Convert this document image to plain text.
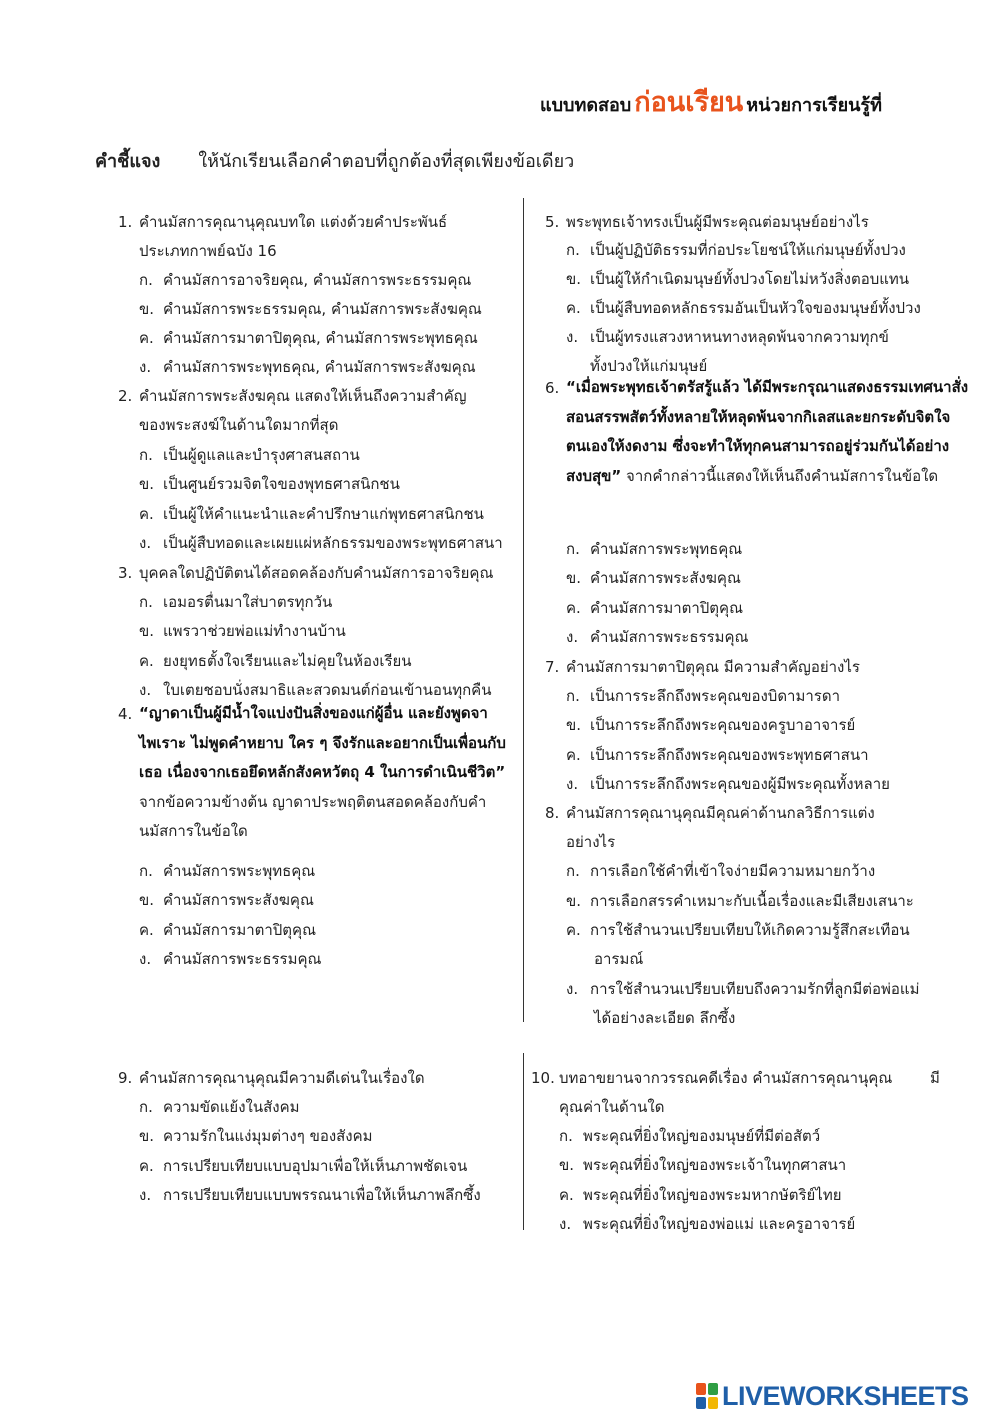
แบบทดสอบ ก่อนเรียน หน่วยการเรียนรู้ที่
คำชี้แจง ให้นักเรียนเลือกคำตอบที่ถูกต้องที่สุดเพียงข้อเดียว
1. คำนมัสการคุณานุคุณบทใด แต่งด้วยคำประพันธ์
ประเภทกาพย์ฉบัง 16
ก. คำนมัสการอาจริยคุณ, คำนมัสการพระธรรมคุณ
ข. คำนมัสการพระธรรมคุณ, คำนมัสการพระสังฆคุณ
ค. คำนมัสการมาตาปิตุคุณ, คำนมัสการพระพุทธคุณ
ง. คำนมัสการพระพุทธคุณ, คำนมัสการพระสังฆคุณ
2. คำนมัสการพระสังฆคุณ แสดงให้เห็นถึงความสำคัญ
ของพระสงฆ์ในด้านใดมากที่สุด
ก. เป็นผู้ดูแลและบำรุงศาสนสถาน
ข. เป็นศูนย์รวมจิตใจของพุทธศาสนิกชน
ค. เป็นผู้ให้คำแนะนำและคำปรึกษาแก่พุทธศาสนิกชน
ง. เป็นผู้สืบทอดและเผยแผ่หลักธรรมของพระพุทธศาสนา
3. บุคคลใดปฏิบัติตนได้สอดคล้องกับคำนมัสการอาจริยคุณ
ก. เอมอรตื่นมาใส่บาตรทุกวัน
ข. แพรวาช่วยพ่อแม่ทำงานบ้าน
ค. ยงยุทธตั้งใจเรียนและไม่คุยในห้องเรียน
ง. ใบเตยชอบนั่งสมาธิและสวดมนต์ก่อนเข้านอนทุกคืน
4. “ญาดาเป็นผู้มีน้ำใจแบ่งปันสิ่งของแก่ผู้อื่น และยังพูดจาไพเราะ ไม่พูดคำหยาบ ใคร ๆ จึงรักและอยากเป็นเพื่อนกับเธอ เนื่องจากเธอยึดหลักสังคหวัตถุ 4 ในการดำเนินชีวิต” จากข้อความข้างต้น ญาดาประพฤติตนสอดคล้องกับคำนมัสการในข้อใด
ก. คำนมัสการพระพุทธคุณ
ข. คำนมัสการพระสังฆคุณ
ค. คำนมัสการมาตาปิตุคุณ
ง. คำนมัสการพระธรรมคุณ
5. พระพุทธเจ้าทรงเป็นผู้มีพระคุณต่อมนุษย์อย่างไร
ก. เป็นผู้ปฏิบัติธรรมที่ก่อประโยชน์ให้แก่มนุษย์ทั้งปวง
ข. เป็นผู้ให้กำเนิดมนุษย์ทั้งปวงโดยไม่หวังสิ่งตอบแทน
ค. เป็นผู้สืบทอดหลักธรรมอันเป็นหัวใจของมนุษย์ทั้งปวง
ง. เป็นผู้ทรงแสวงหาหนทางหลุดพ้นจากความทุกข์
ทั้งปวงให้แก่มนุษย์
6. “เมื่อพระพุทธเจ้าตรัสรู้แล้ว ได้มีพระกรุณาแสดงธรรมเทศนาสั่งสอนสรรพสัตว์ทั้งหลายให้หลุดพ้นจากกิเลสและยกระดับจิตใจตนเองให้งดงาม ซึ่งจะทำให้ทุกคนสามารถอยู่ร่วมกันได้อย่างสงบสุข” จากคำกล่าวนี้แสดงให้เห็นถึงคำนมัสการในข้อใด
ก. คำนมัสการพระพุทธคุณ
ข. คำนมัสการพระสังฆคุณ
ค. คำนมัสการมาตาปิตุคุณ
ง. คำนมัสการพระธรรมคุณ
7. คำนมัสการมาตาปิตุคุณ มีความสำคัญอย่างไร
ก. เป็นการระลึกถึงพระคุณของบิดามารดา
ข. เป็นการระลึกถึงพระคุณของครูบาอาจารย์
ค. เป็นการระลึกถึงพระคุณของพระพุทธศาสนา
ง. เป็นการระลึกถึงพระคุณของผู้มีพระคุณทั้งหลาย
8. คำนมัสการคุณานุคุณมีคุณค่าด้านกลวิธีการแต่ง
อย่างไร
ก. การเลือกใช้คำที่เข้าใจง่ายมีความหมายกว้าง
ข. การเลือกสรรคำเหมาะกับเนื้อเรื่องและมีเสียงเสนาะ
ค. การใช้สำนวนเปรียบเทียบให้เกิดความรู้สึกสะเทือน
อารมณ์
ง. การใช้สำนวนเปรียบเทียบถึงความรักที่ลูกมีต่อพ่อแม่
ได้อย่างละเอียด ลึกซึ้ง
9. คำนมัสการคุณานุคุณมีความดีเด่นในเรื่องใด
ก. ความขัดแย้งในสังคม
ข. ความรักในแง่มุมต่างๆ ของสังคม
ค. การเปรียบเทียบแบบอุปมาเพื่อให้เห็นภาพชัดเจน
ง. การเปรียบเทียบแบบพรรณนาเพื่อให้เห็นภาพลึกซึ้ง
10. บทอาขยานจากวรรณคดีเรื่อง คำนมัสการคุณานุคุณ
คุณค่าในด้านใด
มี
ก. พระคุณที่ยิ่งใหญ่ของมนุษย์ที่มีต่อสัตว์
ข. พระคุณที่ยิ่งใหญ่ของพระเจ้าในทุกศาสนา
ค. พระคุณที่ยิ่งใหญ่ของพระมหากษัตริย์ไทย
ง. พระคุณที่ยิ่งใหญ่ของพ่อแม่ และครูอาจารย์
LIVEWORKSHEETS
